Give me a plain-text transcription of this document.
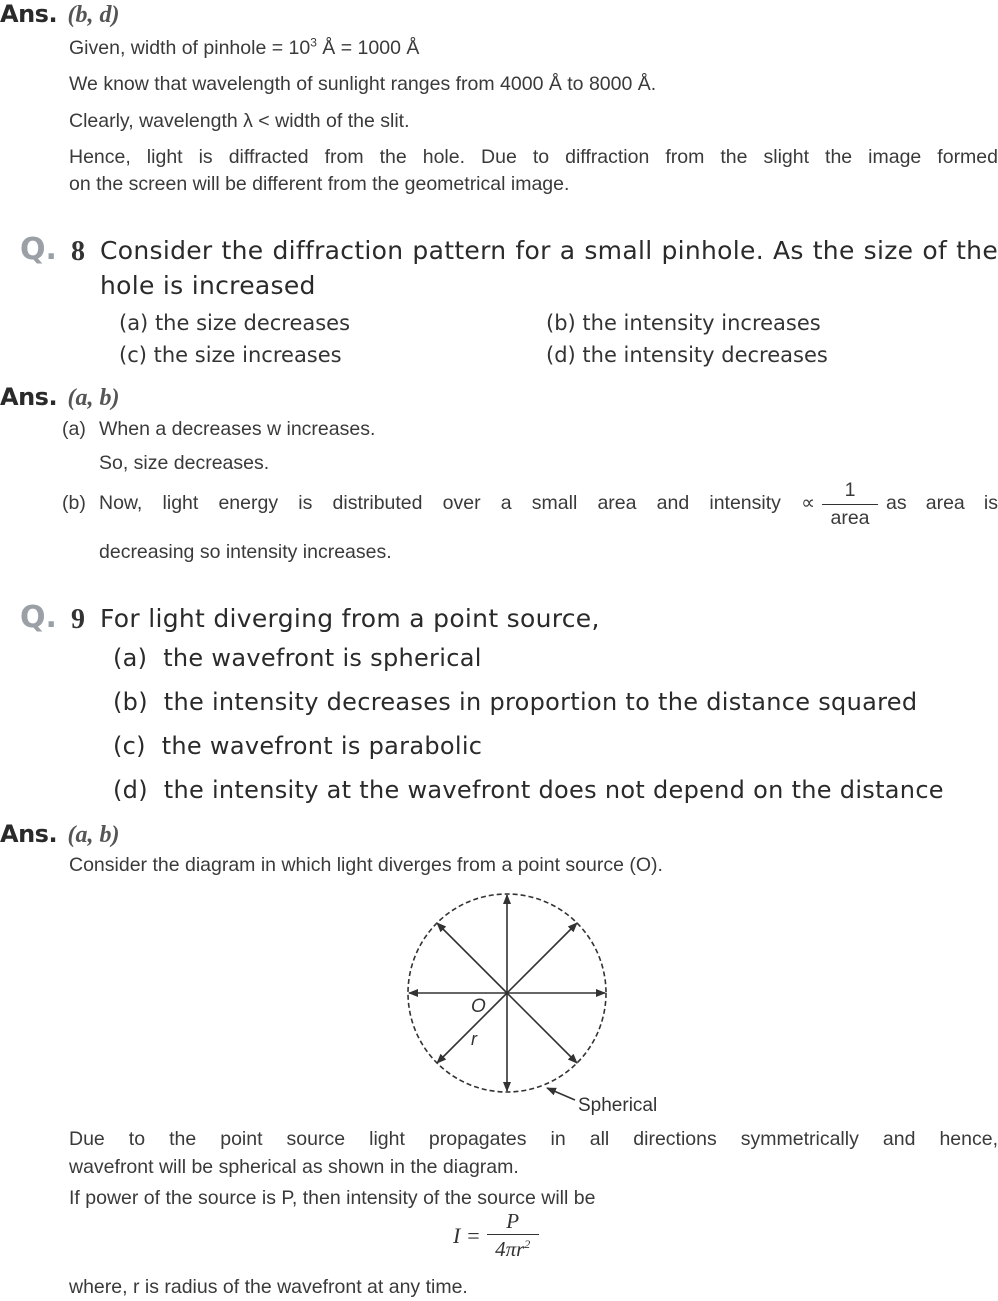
Ans. (b, d)
Given, width of pinhole = $10^3$ Å = 1000 Å
We know that wavelength of sunlight ranges from 4000 Å to 8000 Å.
Clearly, wavelength λ < width of the slit.
Hence, light is diffracted from the hole. Due to diffraction from the slight the image formed
on the screen will be different from the geometrical image.
Q. 8 Consider the diffraction pattern for a small pinhole. As the size of the
hole is increased
(a) the size decreases	(b) the intensity increases
(c) the size increases	(d) the intensity decreases
Ans. (a, b)
(a) When a decreases w increases.
So, size decreases.
(b) Now, light energy is distributed over a small area and intensity ∝
1
area
as area is
decreasing so intensity increases.
Q. 9 For light diverging from a point source,
(a) the wavefront is spherical
(b) the intensity decreases in proportion to the distance squared
(c) the wavefront is parabolic
(d) the intensity at the wavefront does not depend on the distance
Ans. (a, b)
Consider the diagram in which light diverges from a point source (O).
O
r
Spherical
Due to the point source light propagates in all directions symmetrically and hence,
wavefront will be spherical as shown in the diagram.
If power of the source is P, then intensity of the source will be
$I = \frac{P}{4\pi r^2}$
where, r is radius of the wavefront at any time.
